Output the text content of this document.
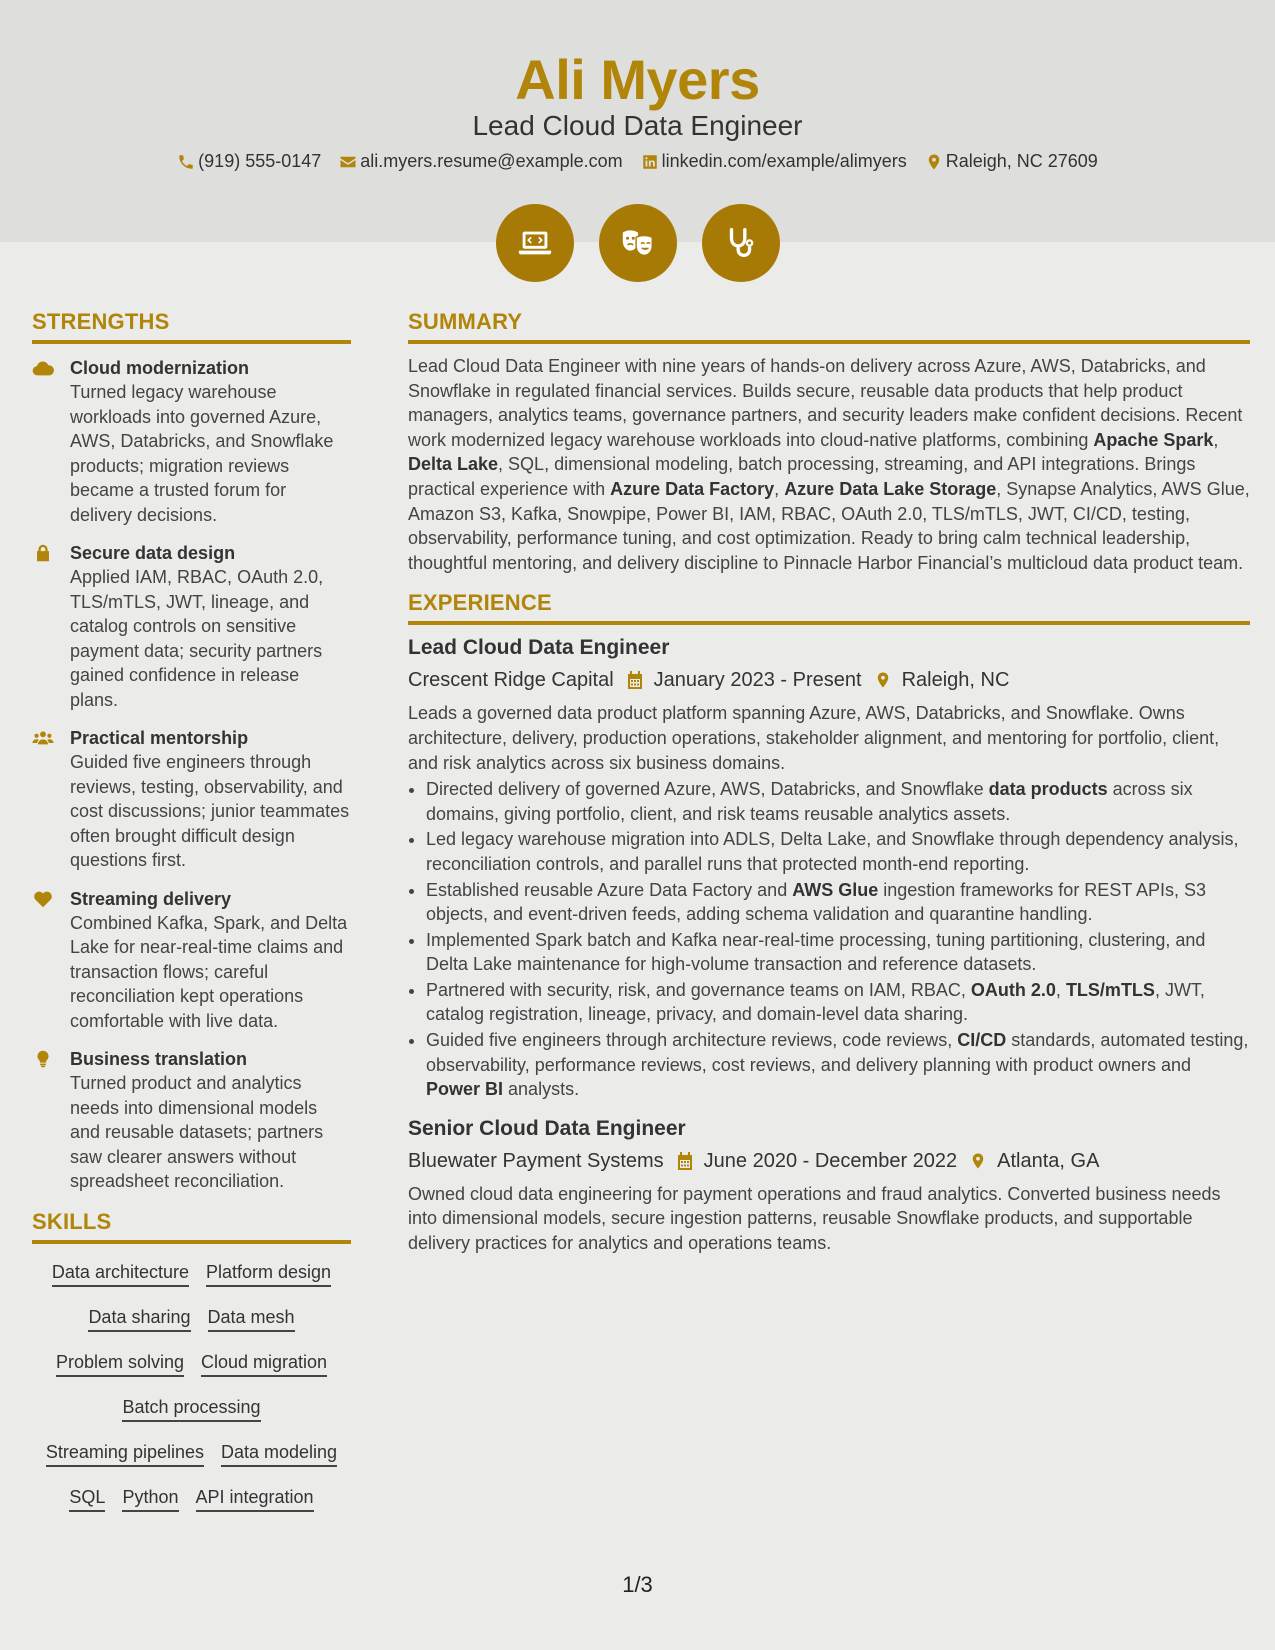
Ali Myers
Lead Cloud Data Engineer
(919) 555-0147 ali.myers.resume@example.com linkedin.com/example/alimyers Raleigh, NC 27609
STRENGTHS
Cloud modernization
Turned legacy warehouse workloads into governed Azure, AWS, Databricks, and Snowflake products; migration reviews became a trusted forum for delivery decisions.
Secure data design
Applied IAM, RBAC, OAuth 2.0, TLS/mTLS, JWT, lineage, and catalog controls on sensitive payment data; security partners gained confidence in release plans.
Practical mentorship
Guided five engineers through reviews, testing, observability, and cost discussions; junior teammates often brought difficult design questions first.
Streaming delivery
Combined Kafka, Spark, and Delta Lake for near-real-time claims and transaction flows; careful reconciliation kept operations comfortable with live data.
Business translation
Turned product and analytics needs into dimensional models and reusable datasets; partners saw clearer answers without spreadsheet reconciliation.
SKILLS
Data architecture Platform design
Data sharing Data mesh
Problem solving Cloud migration
Batch processing
Streaming pipelines Data modeling
SQL Python API integration
SUMMARY
Lead Cloud Data Engineer with nine years of hands-on delivery across Azure, AWS, Databricks, and Snowflake in regulated financial services. Builds secure, reusable data products that help product managers, analytics teams, governance partners, and security leaders make confident decisions. Recent work modernized legacy warehouse workloads into cloud-native platforms, combining Apache Spark, Delta Lake, SQL, dimensional modeling, batch processing, streaming, and API integrations. Brings practical experience with Azure Data Factory, Azure Data Lake Storage, Synapse Analytics, AWS Glue, Amazon S3, Kafka, Snowpipe, Power BI, IAM, RBAC, OAuth 2.0, TLS/mTLS, JWT, CI/CD, testing, observability, performance tuning, and cost optimization. Ready to bring calm technical leadership, thoughtful mentoring, and delivery discipline to Pinnacle Harbor Financial’s multicloud data product team.
EXPERIENCE
Lead Cloud Data Engineer
Crescent Ridge Capital January 2023 - Present Raleigh, NC
Leads a governed data product platform spanning Azure, AWS, Databricks, and Snowflake. Owns architecture, delivery, production operations, stakeholder alignment, and mentoring for portfolio, client, and risk analytics across six business domains.
• Directed delivery of governed Azure, AWS, Databricks, and Snowflake data products across six domains, giving portfolio, client, and risk teams reusable analytics assets.
• Led legacy warehouse migration into ADLS, Delta Lake, and Snowflake through dependency analysis, reconciliation controls, and parallel runs that protected month-end reporting.
• Established reusable Azure Data Factory and AWS Glue ingestion frameworks for REST APIs, S3 objects, and event-driven feeds, adding schema validation and quarantine handling.
• Implemented Spark batch and Kafka near-real-time processing, tuning partitioning, clustering, and Delta Lake maintenance for high-volume transaction and reference datasets.
• Partnered with security, risk, and governance teams on IAM, RBAC, OAuth 2.0, TLS/mTLS, JWT, catalog registration, lineage, privacy, and domain-level data sharing.
• Guided five engineers through architecture reviews, code reviews, CI/CD standards, automated testing, observability, performance reviews, cost reviews, and delivery planning with product owners and Power BI analysts.
Senior Cloud Data Engineer
Bluewater Payment Systems June 2020 - December 2022 Atlanta, GA
Owned cloud data engineering for payment operations and fraud analytics. Converted business needs into dimensional models, secure ingestion patterns, reusable Snowflake products, and supportable delivery practices for analytics and operations teams.
1/3
